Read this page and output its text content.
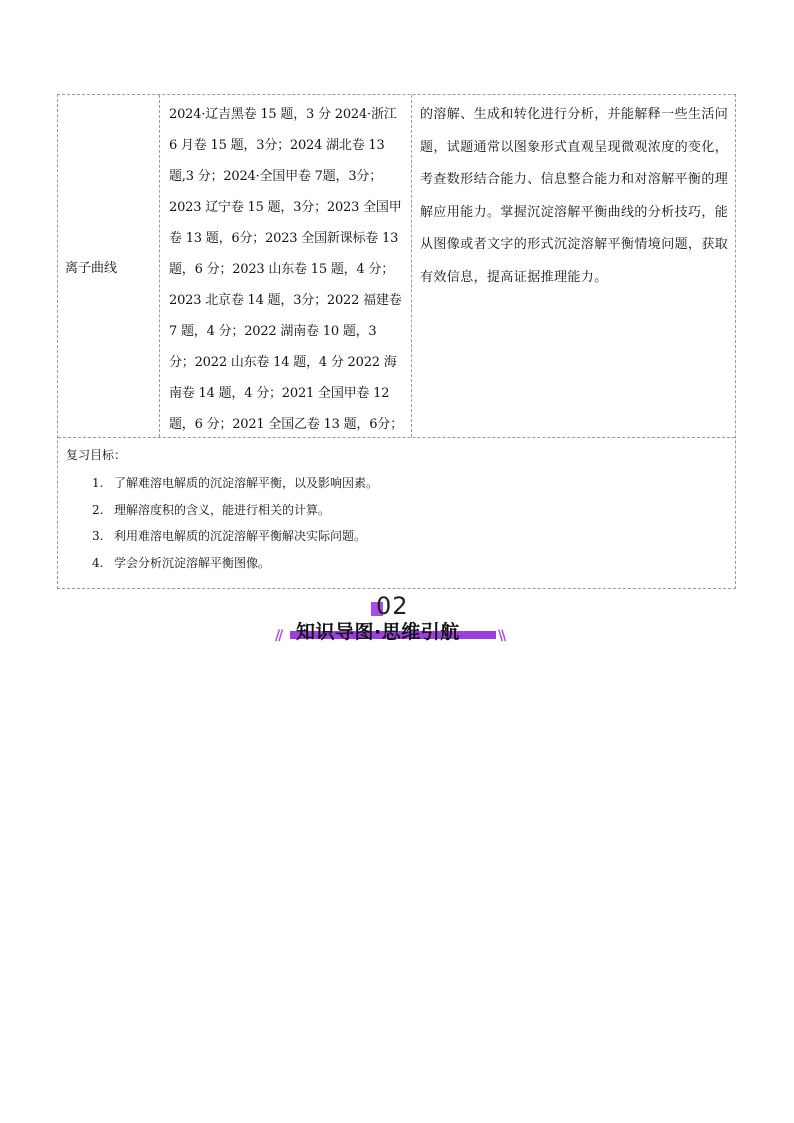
离子曲线
2024·辽吉黑卷 15 题，3 分 2024·浙江 6 月卷 15 题，3分；2024 湖北卷 13 题,3 分；2024·全国甲卷 7题，3分；2023 辽宁卷 15 题，3分；2023 全国甲卷 13 题，6分；2023 全国新课标卷 13 题，6 分；2023 山东卷 15 题，4 分；2023 北京卷 14 题，3分；2022 福建卷 7 题，4 分；2022 湖南卷 10 题，3 分；2022 山东卷 14 题，4 分 2022 海南卷 14 题，4 分；2021 全国甲卷 12 题，6 分；2021 全国乙卷 13 题，6分；
的溶解、生成和转化进行分析，并能解释一些生活问题，试题通常以图象形式直观呈现微观浓度的变化，考查数形结合能力、信息整合能力和对溶解平衡的理解应用能力。掌握沉淀溶解平衡曲线的分析技巧，能从图像或者文字的形式沉淀溶解平衡情境问题，获取有效信息，提高证据推理能力。
复习目标：
1. 了解难溶电解质的沉淀溶解平衡，以及影响因素。
2. 理解溶度积的含义，能进行相关的计算。
3. 利用难溶电解质的沉淀溶解平衡解决实际问题。
4. 学会分析沉淀溶解平衡图像。
02
知识导图·思维引航
//	\\
